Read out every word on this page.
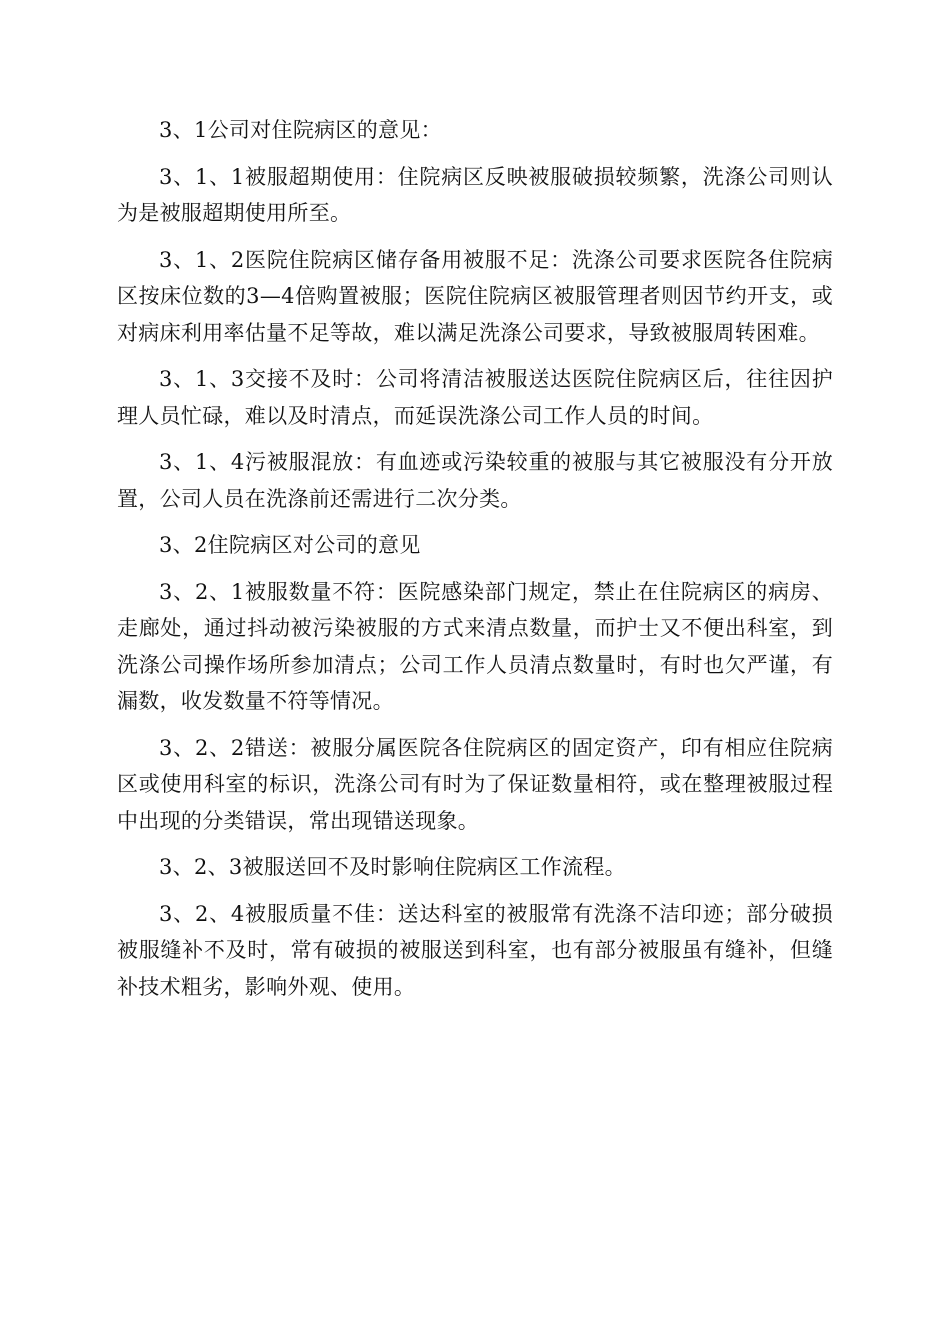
3、1公司对住院病区的意见：

3、1、1被服超期使用：住院病区反映被服破损较频繁，洗涤公司则认为是被服超期使用所至。

3、1、2医院住院病区储存备用被服不足：洗涤公司要求医院各住院病区按床位数的3—4倍购置被服；医院住院病区被服管理者则因节约开支，或对病床利用率估量不足等故，难以满足洗涤公司要求，导致被服周转困难。

3、1、3交接不及时：公司将清洁被服送达医院住院病区后，往往因护理人员忙碌，难以及时清点，而延误洗涤公司工作人员的时间。

3、1、4污被服混放：有血迹或污染较重的被服与其它被服没有分开放置，公司人员在洗涤前还需进行二次分类。

3、2住院病区对公司的意见

3、2、1被服数量不符：医院感染部门规定，禁止在住院病区的病房、走廊处，通过抖动被污染被服的方式来清点数量，而护士又不便出科室，到洗涤公司操作场所参加清点；公司工作人员清点数量时，有时也欠严谨，有漏数，收发数量不符等情况。

3、2、2错送：被服分属医院各住院病区的固定资产，印有相应住院病区或使用科室的标识，洗涤公司有时为了保证数量相符，或在整理被服过程中出现的分类错误，常出现错送现象。

3、2、3被服送回不及时影响住院病区工作流程。

3、2、4被服质量不佳：送达科室的被服常有洗涤不洁印迹；部分破损被服缝补不及时，常有破损的被服送到科室，也有部分被服虽有缝补，但缝补技术粗劣，影响外观、使用。
